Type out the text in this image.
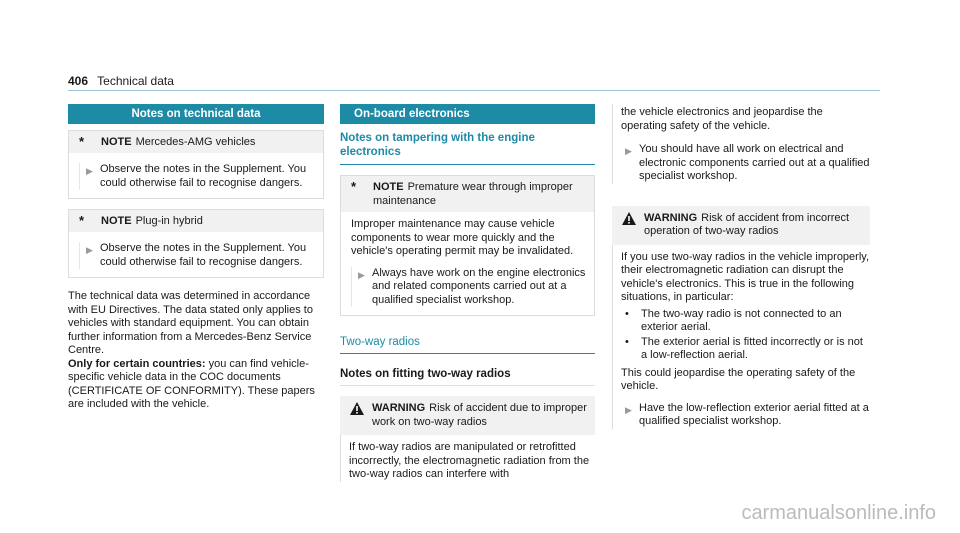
406 Technical data
Notes on technical data
*	NOTE Mercedes-AMG vehicles
▶ Observe the notes in the Supplement. You could otherwise fail to recognise dangers.
*	NOTE Plug-in hybrid
▶ Observe the notes in the Supplement. You could otherwise fail to recognise dangers.
The technical data was determined in accordance with EU Directives. The data stated only applies to vehicles with standard equipment. You can obtain further information from a Mercedes-Benz Service Centre.
Only for certain countries: you can find vehicle-specific vehicle data in the COC documents (CERTIFICATE OF CONFORMITY). These papers are included with the vehicle.
On-board electronics
Notes on tampering with the engine electronics
*	NOTE Premature wear through improper maintenance
Improper maintenance may cause vehicle components to wear more quickly and the vehicle's operating permit may be invalidated.
▶ Always have work on the engine electronics and related components carried out at a qualified specialist workshop.
Two-way radios
Notes on fitting two-way radios
WARNING Risk of accident due to improper work on two-way radios
If two-way radios are manipulated or retrofitted incorrectly, the electromagnetic radiation from the two-way radios can interfere with
the vehicle electronics and jeopardise the operating safety of the vehicle.
▶ You should have all work on electrical and electronic components carried out at a qualified specialist workshop.
WARNING Risk of accident from incorrect operation of two-way radios
If you use two-way radios in the vehicle improperly, their electromagnetic radiation can disrupt the vehicle's electronics. This is true in the following situations, in particular:
•	The two-way radio is not connected to an exterior aerial.
•	The exterior aerial is fitted incorrectly or is not a low-reflection aerial.
This could jeopardise the operating safety of the vehicle.
▶ Have the low-reflection exterior aerial fitted at a qualified specialist workshop.
carmanualsonline.info
